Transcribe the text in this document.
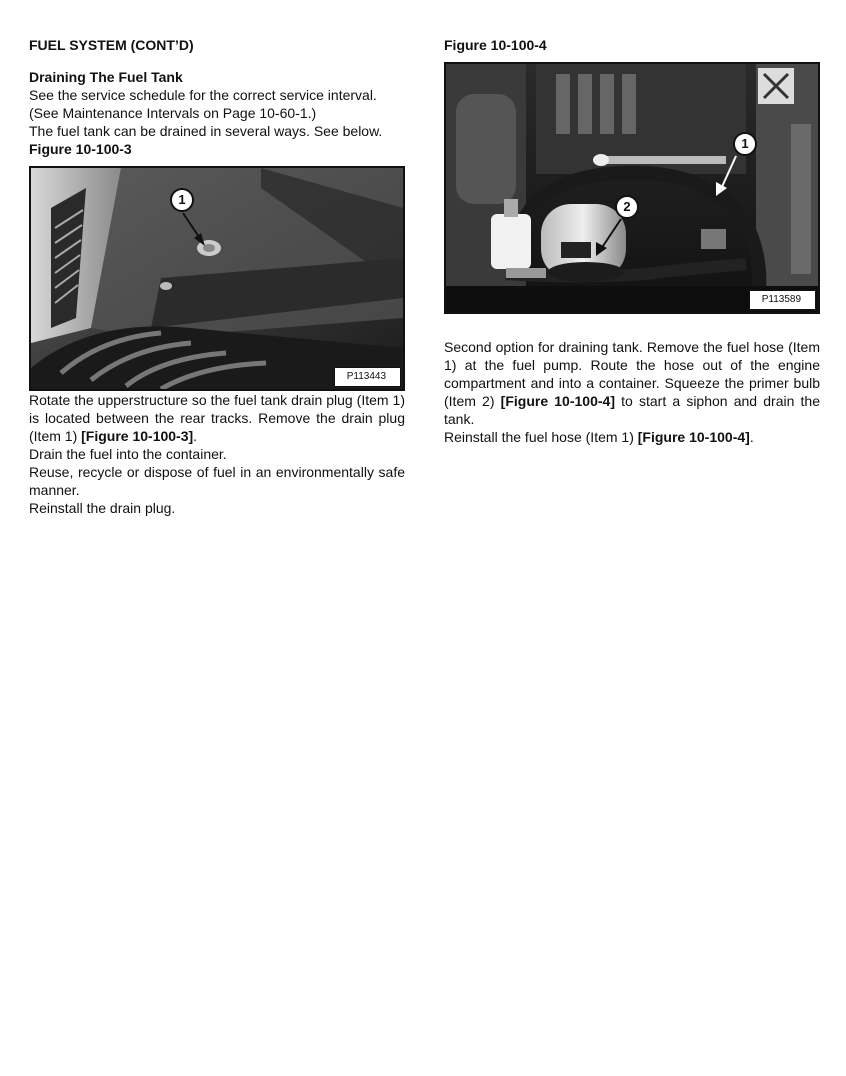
FUEL SYSTEM (CONT’D)
Draining The Fuel Tank

See the service schedule for the correct service interval.
(See Maintenance Intervals on Page 10-60-1.)

The fuel tank can be drained in several ways. See below.

Figure 10-100-3

1
P113443

Rotate the upperstructure so the fuel tank drain plug (Item 1) is located between the rear tracks. Remove the drain plug (Item 1) [Figure 10-100-3].

Drain the fuel into the container.

Reuse, recycle or dispose of fuel in an environmentally safe manner.

Reinstall the drain plug.

Figure 10-100-4

1
2
P113589

Second option for draining tank. Remove the fuel hose (Item 1) at the fuel pump. Route the hose out of the engine compartment and into a container. Squeeze the primer bulb (Item 2) [Figure 10-100-4] to start a siphon and drain the tank.

Reinstall the fuel hose (Item 1) [Figure 10-100-4].
